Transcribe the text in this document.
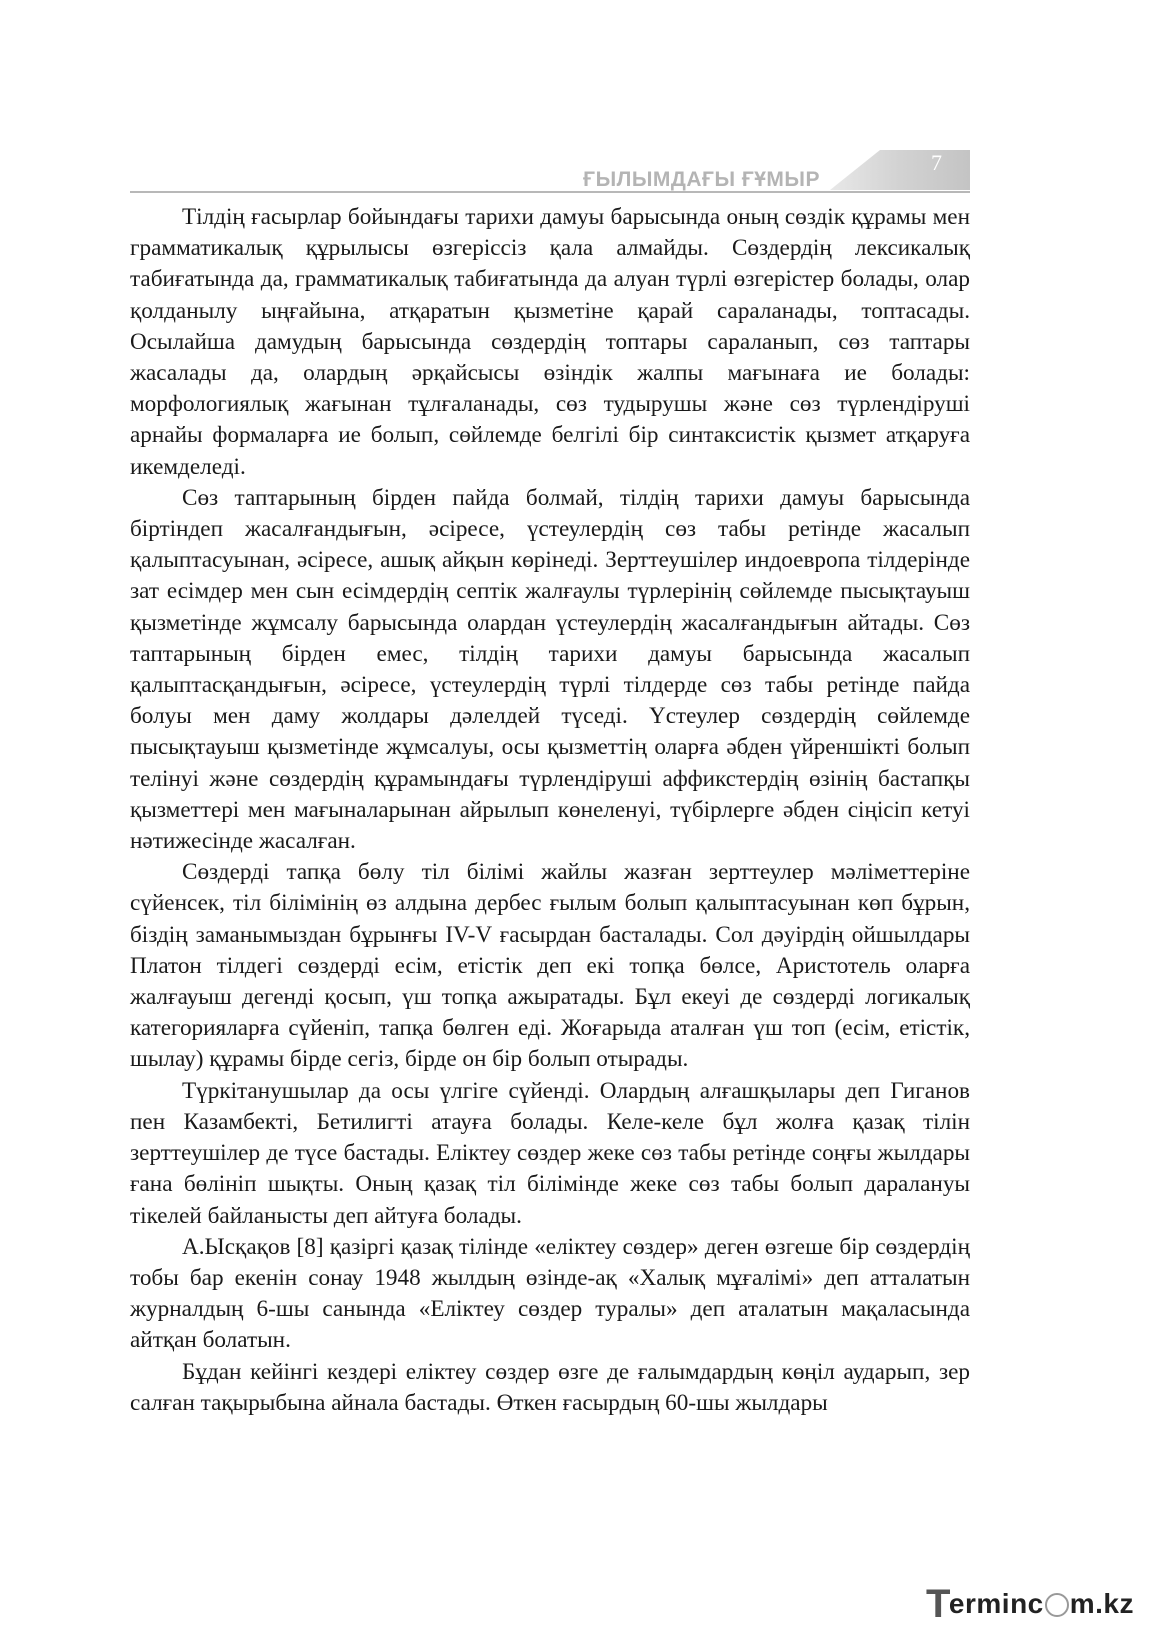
ҒЫЛЫМДАҒЫ ҒҰМЫР
7

Тілдің ғасырлар бойындағы тарихи дамуы барысында оның сөздік құрамы мен грамматикалық құрылысы өзгеріссіз қала алмайды. Сөздердің лексикалық табиғатында да, грамматикалық табиғатында да алуан түрлі өзгерістер болады, олар қолданылу ыңғайына, атқаратын қызметіне қарай сараланады, топтасады. Осылайша дамудың барысында сөздердің топтары сараланып, сөз таптары жасалады да, олардың әрқайсысы өзіндік жалпы мағынаға ие болады: морфологиялық жағынан тұлғаланады, сөз тудырушы және сөз түрлендіруші арнайы формаларға ие болып, сөйлемде белгілі бір синтаксистік қызмет атқаруға икемделеді.

Сөз таптарының бірден пайда болмай, тілдің тарихи дамуы барысында біртіндеп жасалғандығын, әсіресе, үстеулердің сөз табы ретінде жасалып қалыптасуынан, әсіресе, ашық айқын көрінеді. Зерттеушілер индоевропа тілдерінде зат есімдер мен сын есімдердің септік жалғаулы түрлерінің сөйлемде пысықтауыш қызметінде жұмсалу барысында олардан үстеулердің жасалғандығын айтады. Сөз таптарының бірден емес, тілдің тарихи дамуы барысында жасалып қалыптасқандығын, әсіресе, үстеулердің түрлі тілдерде сөз табы ретінде пайда болуы мен даму жолдары дәлелдей түседі. Үстеулер сөздердің сөйлемде пысықтауыш қызметінде жұмсалуы, осы қызметтің оларға әбден үйреншікті болып телінуі және сөздердің құрамындағы түрлендіруші аффикстердің өзінің бастапқы қызметтері мен мағыналарынан айрылып көнеленуі, түбірлерге әбден сіңісіп кетуі нәтижесінде жасалған.

Сөздерді тапқа бөлу тіл білімі жайлы жазған зерттеулер мәліметтеріне сүйенсек, тіл білімінің өз алдына дербес ғылым болып қалыптасуынан көп бұрын, біздің заманымыздан бұрынғы IV-V ғасырдан басталады. Сол дәуірдің ойшылдары Платон тілдегі сөздерді есім, етістік деп екі топқа бөлсе, Аристотель оларға жалғауыш дегенді қосып, үш топқа ажыратады. Бұл екеуі де сөздерді логикалық категорияларға сүйеніп, тапқа бөлген еді. Жоғарыда аталған үш топ (есім, етістік, шылау) құрамы бірде сегіз, бірде он бір болып отырады.

Түркітанушылар да осы үлгіге сүйенді. Олардың алғашқылары деп Гиганов пен Казамбекті, Бетилигті атауға болады. Келе-келе бұл жолға қазақ тілін зерттеушілер де түсе бастады. Еліктеу сөздер жеке сөз табы ретінде соңғы жылдары ғана бөлініп шықты. Оның қазақ тіл білімінде жеке сөз табы болып даралануы тікелей байланысты деп айтуға болады.

А.Ысқақов [8] қазіргі қазақ тілінде «еліктеу сөздер» деген өзгеше бір сөздердің тобы бар екенін сонау 1948 жылдың өзінде-ақ «Халық мұғалімі» деп атталатын журналдың 6-шы санында «Еліктеу сөздер туралы» деп аталатын мақаласында айтқан болатын.

Бұдан кейінгі кездері еліктеу сөздер өзге де ғалымдардың көңіл аударып, зер салған тақырыбына айнала бастады. Өткен ғасырдың 60-шы жылдары

Terminc m.kz
